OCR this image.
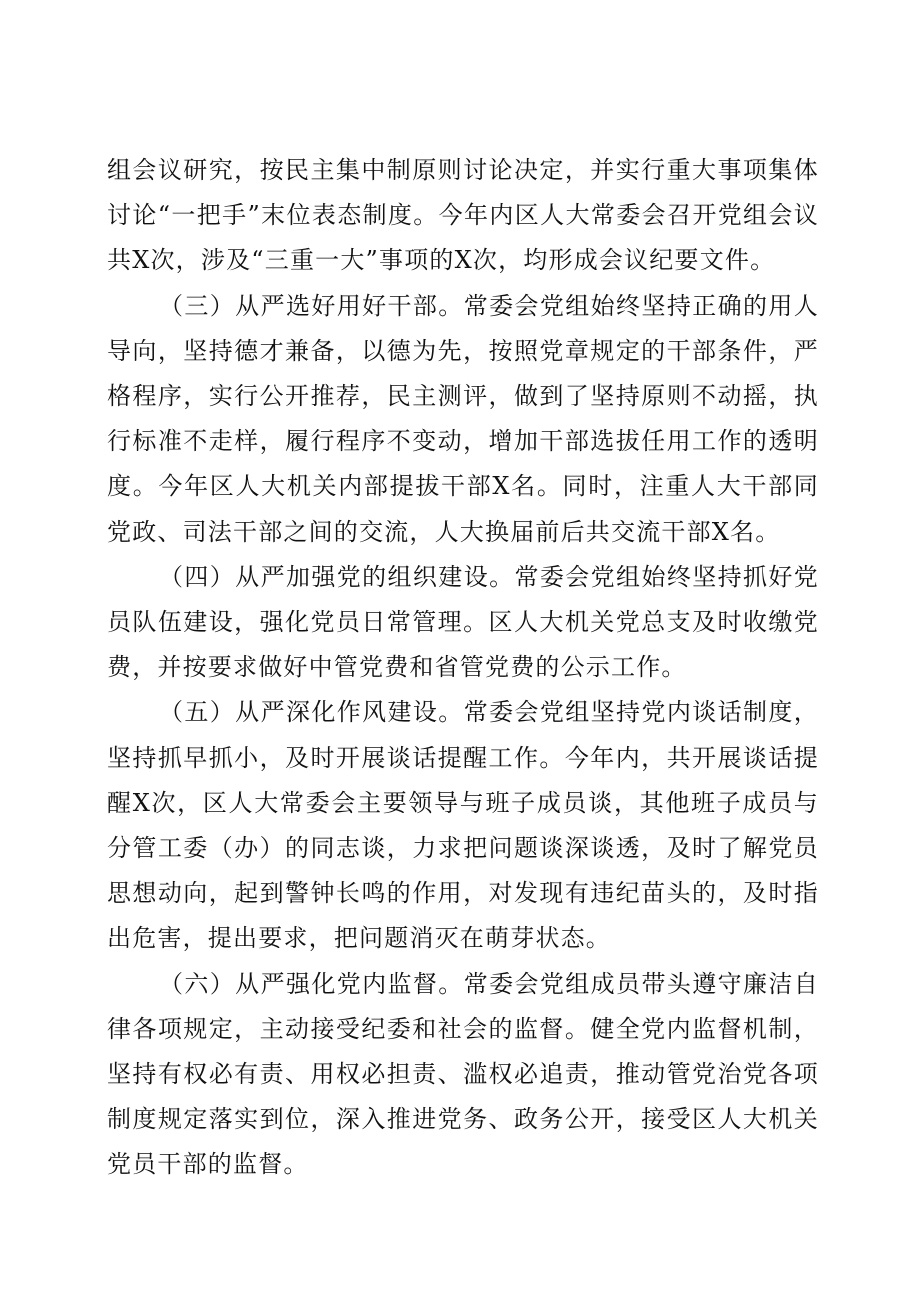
组会议研究，按民主集中制原则讨论决定，并实行重大事项集体讨论“一把手”末位表态制度。今年内区人大常委会召开党组会议共X次，涉及“三重一大”事项的X次，均形成会议纪要文件。

（三）从严选好用好干部。常委会党组始终坚持正确的用人导向，坚持德才兼备，以德为先，按照党章规定的干部条件，严格程序，实行公开推荐，民主测评，做到了坚持原则不动摇，执行标准不走样，履行程序不变动，增加干部选拔任用工作的透明度。今年区人大机关内部提拔干部X名。同时，注重人大干部同党政、司法干部之间的交流，人大换届前后共交流干部X名。

（四）从严加强党的组织建设。常委会党组始终坚持抓好党员队伍建设，强化党员日常管理。区人大机关党总支及时收缴党费，并按要求做好中管党费和省管党费的公示工作。

（五）从严深化作风建设。常委会党组坚持党内谈话制度，坚持抓早抓小，及时开展谈话提醒工作。今年内，共开展谈话提醒X次，区人大常委会主要领导与班子成员谈，其他班子成员与分管工委（办）的同志谈，力求把问题谈深谈透，及时了解党员思想动向，起到警钟长鸣的作用，对发现有违纪苗头的，及时指出危害，提出要求，把问题消灭在萌芽状态。

（六）从严强化党内监督。常委会党组成员带头遵守廉洁自律各项规定，主动接受纪委和社会的监督。健全党内监督机制，坚持有权必有责、用权必担责、滥权必追责，推动管党治党各项制度规定落实到位，深入推进党务、政务公开，接受区人大机关党员干部的监督。
